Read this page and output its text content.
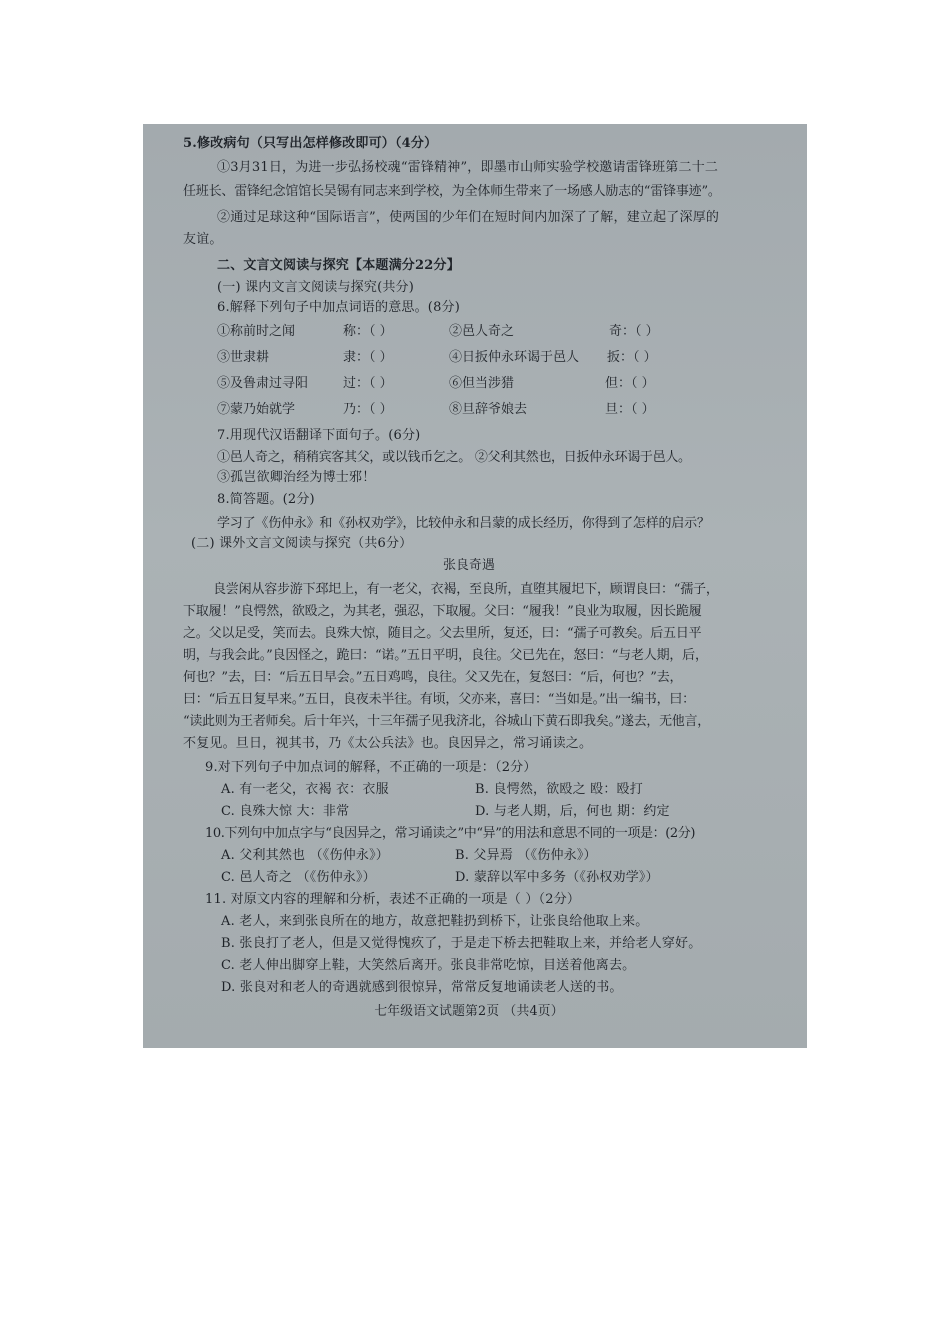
5.修改病句（只写出怎样修改即可）（4分）
①3月31日，为进一步弘扬校魂“雷锋精神”，即墨市山师实验学校邀请雷锋班第二十二
任班长、雷锋纪念馆馆长吴锡有同志来到学校，为全体师生带来了一场感人励志的“雷锋事迹”。
②通过足球这种“国际语言”，使两国的少年们在短时间内加深了了解，建立起了深厚的
友谊。
二、文言文阅读与探究【本题满分22分】
(一) 课内文言文阅读与探究(共分)
6.解释下列句子中加点词语的意思。(8分)
①称前时之闻	称：（ ）	②邑人奇之	奇：（ ）
③世隶耕	隶：（ ）	④日扳仲永环谒于邑人 扳：（ ）
⑤及鲁肃过寻阳	过：（ ）	⑥但当涉猎	但：（ ）
⑦蒙乃始就学	乃：（ ）	⑧旦辞爷娘去	旦：（ ）
7.用现代汉语翻译下面句子。(6分)
①邑人奇之，稍稍宾客其父，或以钱币乞之。 ②父利其然也，日扳仲永环谒于邑人。
③孤岂欲卿治经为博士邪！
8.简答题。(2分)
学习了《伤仲永》和《孙权劝学》，比较仲永和吕蒙的成长经历，你得到了怎样的启示？
(二) 课外文言文阅读与探究（共6分）
张良奇遇
良尝闲从容步游下邳圯上，有一老父，衣褐，至良所，直堕其履圯下，顾谓良曰：“孺子，
下取履！”良愕然，欲殴之，为其老，强忍，下取履。父曰：“履我！”良业为取履，因长跪履
之。父以足受，笑而去。良殊大惊，随目之。父去里所，复还，曰：“孺子可教矣。后五日平
明，与我会此。”良因怪之，跪曰：“诺。”五日平明，良往。父已先在，怒曰：“与老人期，后，
何也？”去，曰：“后五日早会。”五日鸡鸣，良往。父又先在，复怒曰：“后，何也？”去，
曰：“后五日复早来。”五日，良夜未半往。有顷，父亦来，喜曰：“当如是。”出一编书，曰：
“读此则为王者师矣。后十年兴，十三年孺子见我济北，谷城山下黄石即我矣。”遂去，无他言，
不复见。旦日，视其书，乃《太公兵法》也。良因异之，常习诵读之。
9.对下列句子中加点词的解释，不正确的一项是：（2分）
A. 有一老父，衣褐 衣：衣服	B. 良愕然，欲殴之 殴：殴打
C. 良殊大惊 大：非常	D. 与老人期，后，何也 期：约定
10.下列句中加点字与“良因异之，常习诵读之”中“异”的用法和意思不同的一项是：(2分)
A. 父利其然也 （《伤仲永》）	B. 父异焉 （《伤仲永》）
C. 邑人奇之 （《伤仲永》）	D. 蒙辞以军中多务（《孙权劝学》）
11. 对原文内容的理解和分析，表述不正确的一项是（ ）（2分）
A. 老人，来到张良所在的地方，故意把鞋扔到桥下，让张良给他取上来。
B. 张良打了老人，但是又觉得愧疚了，于是走下桥去把鞋取上来，并给老人穿好。
C. 老人伸出脚穿上鞋，大笑然后离开。张良非常吃惊，目送着他离去。
D. 张良对和老人的奇遇就感到很惊异，常常反复地诵读老人送的书。
七年级语文试题第2页 （共4页）
